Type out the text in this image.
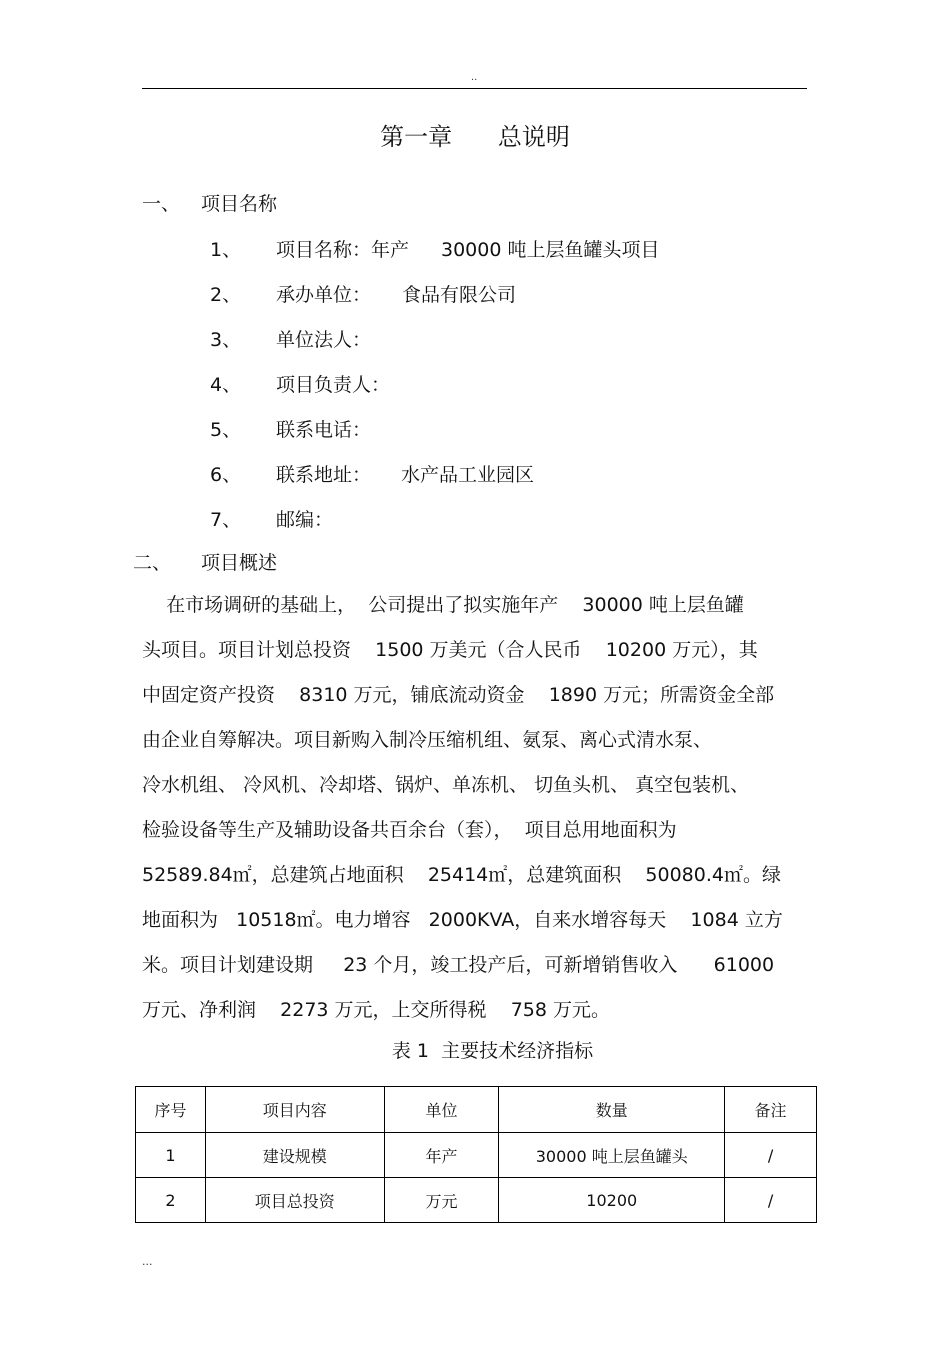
..
第一章      总说明

一、

项目名称

1、

项目名称：年产

30000 吨上层鱼罐头项目

2、

承办单位：

食品有限公司

3、

单位法人：

4、

项目负责人：

5、

联系电话：

6、

联系地址：

水产品工业园区

7、

邮编：

二、

项目概述

在市场调研的基础上，  公司提出了拟实施年产    30000 吨上层鱼罐
头项目。项目计划总投资    1500 万美元（合人民币    10200 万元），其
中固定资产投资    8310 万元，铺底流动资金    1890 万元；所需资金全部
由企业自筹解决。项目新购入制冷压缩机组、氨泵、离心式清水泵、
冷水机组、 冷风机、冷却塔、锅炉、单冻机、 切鱼头机、 真空包装机、
检验设备等生产及辅助设备共百余台（套），  项目总用地面积为
52589.84㎡，总建筑占地面积    25414㎡，总建筑面积    50080.4㎡。绿
地面积为   10518㎡。电力增容   2000KVA，自来水增容每天    1084 立方
米。项目计划建设期     23 个月，竣工投产后，可新增销售收入      61000
万元、净利润    2273 万元，上交所得税    758 万元。
表 1  主要技术经济指标
序号	项目内容	单位	数量	备注
1	建设规模	年产	30000 吨上层鱼罐头	/
2	项目总投资	万元	10200	/
...
